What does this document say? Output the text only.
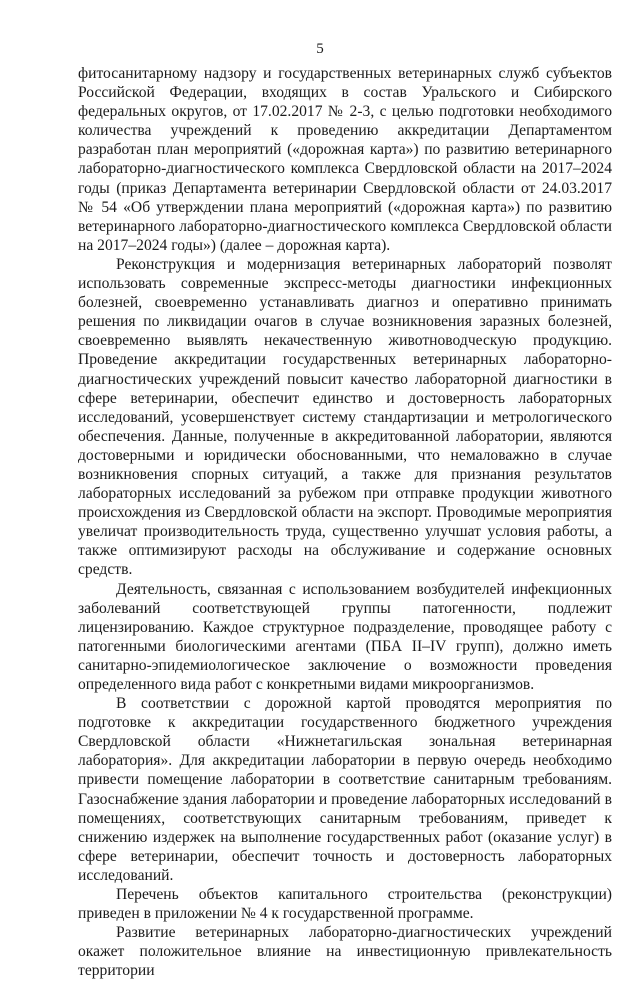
5

фитосанитарному надзору и государственных ветеринарных служб субъектов Российской Федерации, входящих в состав Уральского и Сибирского федеральных округов, от 17.02.2017 № 2-3, с целью подготовки необходимого количества учреждений к проведению аккредитации Департаментом разработан план мероприятий («дорожная карта») по развитию ветеринарного лабораторно-диагностического комплекса Свердловской области на 2017–2024 годы (приказ Департамента ветеринарии Свердловской области от 24.03.2017 № 54 «Об утверждении плана мероприятий («дорожная карта») по развитию ветеринарного лабораторно-диагностического комплекса Свердловской области на 2017–2024 годы») (далее – дорожная карта).

Реконструкция и модернизация ветеринарных лабораторий позволят использовать современные экспресс-методы диагностики инфекционных болезней, своевременно устанавливать диагноз и оперативно принимать решения по ликвидации очагов в случае возникновения заразных болезней, своевременно выявлять некачественную животноводческую продукцию. Проведение аккредитации государственных ветеринарных лабораторно-диагностических учреждений повысит качество лабораторной диагностики в сфере ветеринарии, обеспечит единство и достоверность лабораторных исследований, усовершенствует систему стандартизации и метрологического обеспечения. Данные, полученные в аккредитованной лаборатории, являются достоверными и юридически обоснованными, что немаловажно в случае возникновения спорных ситуаций, а также для признания результатов лабораторных исследований за рубежом при отправке продукции животного происхождения из Свердловской области на экспорт. Проводимые мероприятия увеличат производительность труда, существенно улучшат условия работы, а также оптимизируют расходы на обслуживание и содержание основных средств.

Деятельность, связанная с использованием возбудителей инфекционных заболеваний соответствующей группы патогенности, подлежит лицензированию. Каждое структурное подразделение, проводящее работу с патогенными биологическими агентами (ПБА II–IV групп), должно иметь санитарно-эпидемиологическое заключение о возможности проведения определенного вида работ с конкретными видами микроорганизмов.

В соответствии с дорожной картой проводятся мероприятия по подготовке к аккредитации государственного бюджетного учреждения Свердловской области «Нижнетагильская зональная ветеринарная лаборатория». Для аккредитации лаборатории в первую очередь необходимо привести помещение лаборатории в соответствие санитарным требованиям. Газоснабжение здания лаборатории и проведение лабораторных исследований в помещениях, соответствующих санитарным требованиям, приведет к снижению издержек на выполнение государственных работ (оказание услуг) в сфере ветеринарии, обеспечит точность и достоверность лабораторных исследований.

Перечень объектов капитального строительства (реконструкции) приведен в приложении № 4 к государственной программе.

Развитие ветеринарных лабораторно-диагностических учреждений окажет положительное влияние на инвестиционную привлекательность территории
